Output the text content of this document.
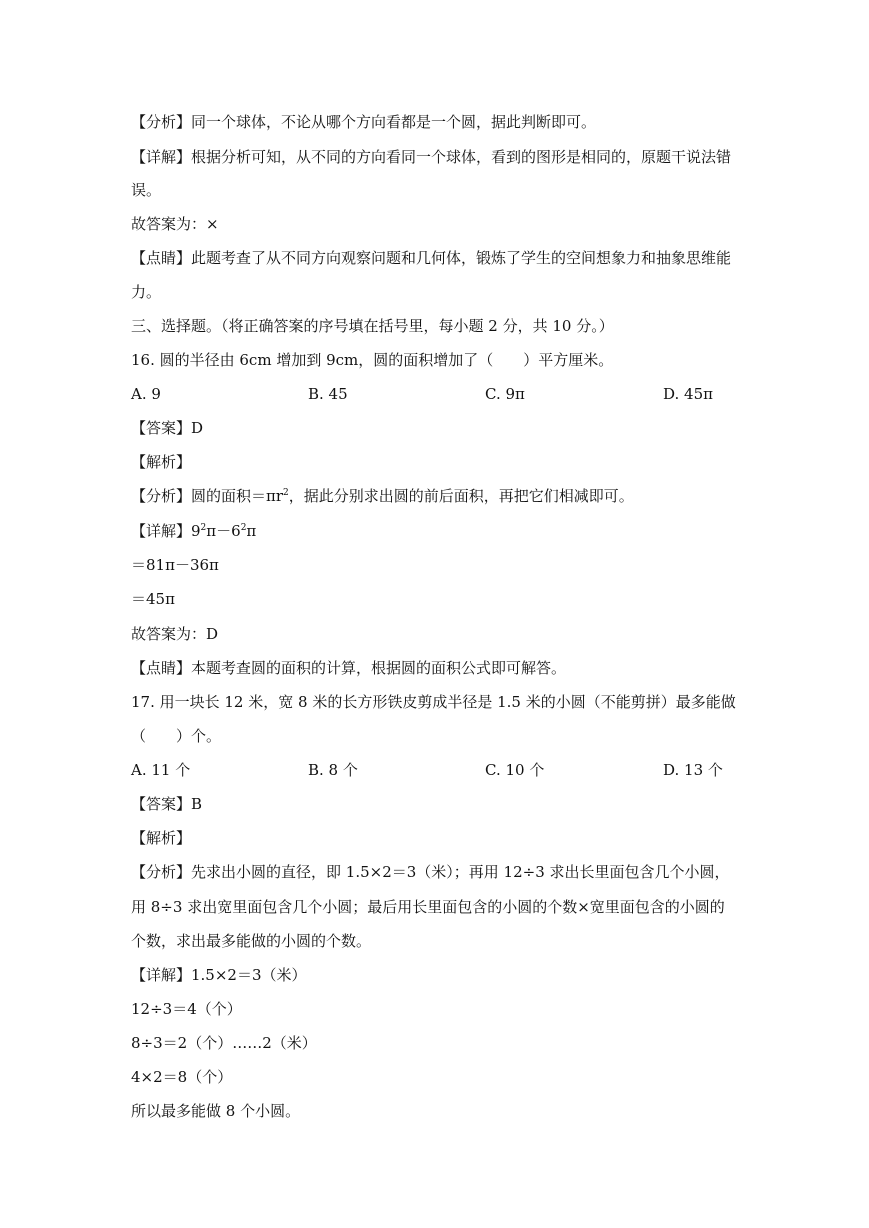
【分析】同一个球体，不论从哪个方向看都是一个圆，据此判断即可。
【详解】根据分析可知，从不同的方向看同一个球体，看到的图形是相同的，原题干说法错
误。
故答案为：×
【点睛】此题考查了从不同方向观察问题和几何体，锻炼了学生的空间想象力和抽象思维能
力。
三、选择题。（将正确答案的序号填在括号里，每小题 2 分，共 10 分。）
16. 圆的半径由 6cm 增加到 9cm，圆的面积增加了（　　）平方厘米。
A. 9	B. 45	C. 9π	D. 45π
【答案】D
【解析】
【分析】圆的面积$=\pi r^2$，据此分别求出圆的前后面积，再把它们相减即可。
【详解】$9^2\pi-6^2\pi$
＝81π－36π
＝45π
故答案为：D
【点睛】本题考查圆的面积的计算，根据圆的面积公式即可解答。
17. 用一块长 12 米，宽 8 米的长方形铁皮剪成半径是 1.5 米的小圆（不能剪拼）最多能做
（　　）个。
A. 11 个	B. 8 个	C. 10 个	D. 13 个
【答案】B
【解析】
【分析】先求出小圆的直径，即 1.5×2＝3（米）；再用 12÷3 求出长里面包含几个小圆，
用 8÷3 求出宽里面包含几个小圆；最后用长里面包含的小圆的个数×宽里面包含的小圆的
个数，求出最多能做的小圆的个数。
【详解】1.5×2＝3（米）
12÷3＝4（个）
8÷3＝2（个）……2（米）
4×2＝8（个）
所以最多能做 8 个小圆。
